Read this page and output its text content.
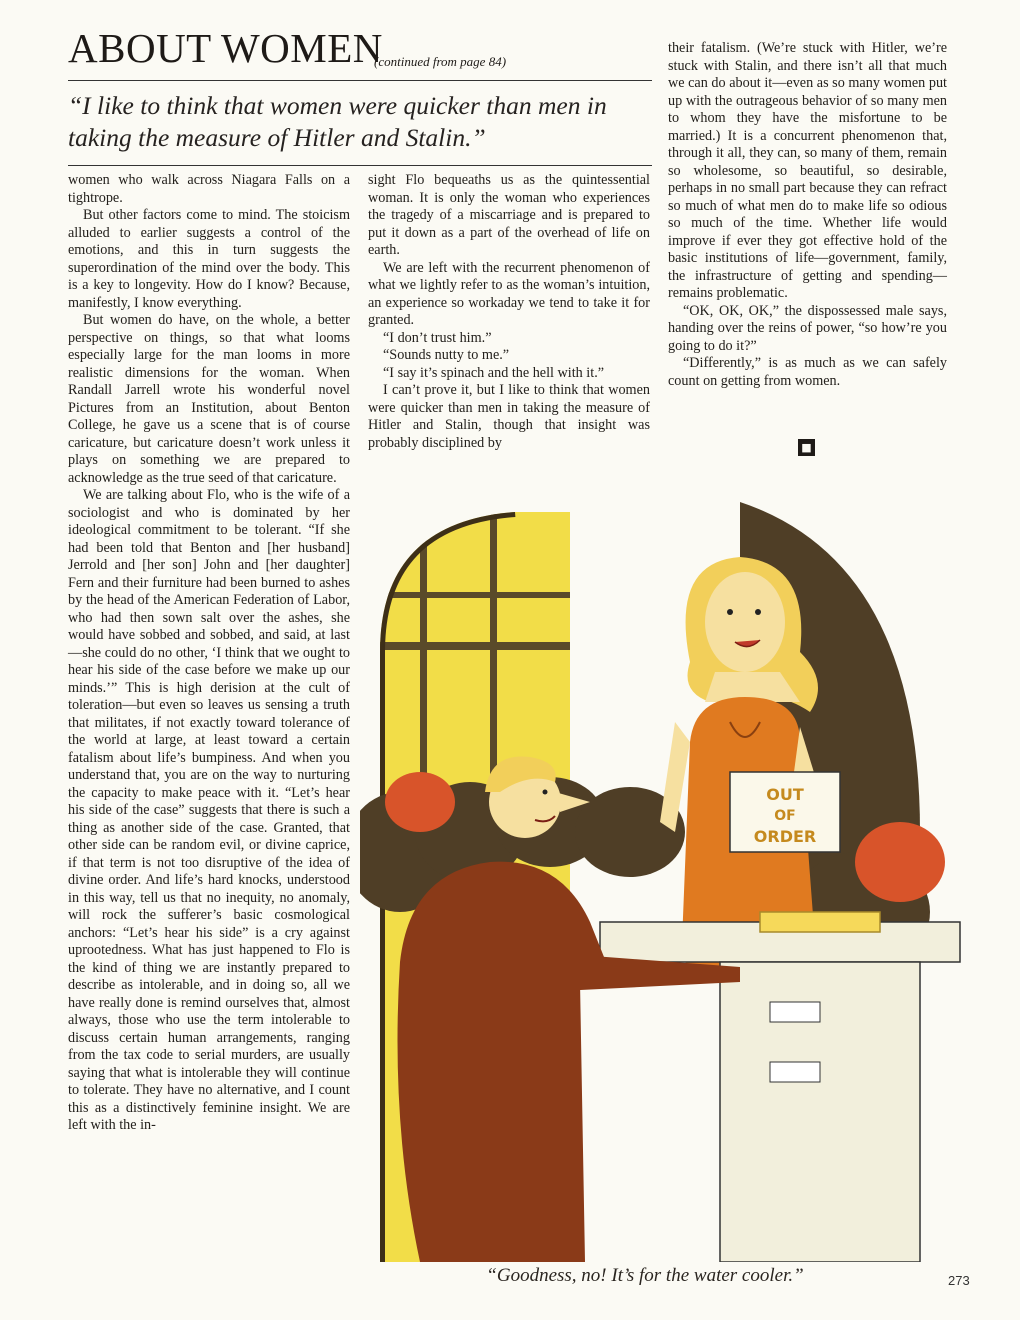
ABOUT WOMEN
(continued from page 84)
“I like to think that women were quicker than men in taking the measure of Hitler and Stalin.”

women who walk across Niagara Falls on a tightrope.

But other factors come to mind. The stoicism alluded to earlier suggests a control of the emotions, and this in turn suggests the superordination of the mind over the body. This is a key to longevity. How do I know? Because, manifestly, I know everything.

But women do have, on the whole, a better perspective on things, so that what looms especially large for the man looms in more realistic dimensions for the woman. When Randall Jarrell wrote his wonderful novel Pictures from an Institution, about Benton College, he gave us a scene that is of course caricature, but caricature doesn’t work unless it plays on something we are prepared to acknowledge as the true seed of that caricature.

We are talking about Flo, who is the wife of a sociologist and who is dominated by her ideological commitment to be tolerant. “If she had been told that Benton and [her husband] Jerrold and [her son] John and [her daughter] Fern and their furniture had been burned to ashes by the head of the American Federation of Labor, who had then sown salt over the ashes, she would have sobbed and sobbed, and said, at last—she could do no other, ‘I think that we ought to hear his side of the case before we make up our minds.’” This is high derision at the cult of toleration—but even so leaves us sensing a truth that militates, if not exactly toward tolerance of the world at large, at least toward a certain fatalism about life’s bumpiness. And when you understand that, you are on the way to nurturing the capacity to make peace with it. “Let’s hear his side of the case” suggests that there is such a thing as another side of the case. Granted, that other side can be random evil, or divine caprice, if that term is not too disruptive of the idea of divine order. And life’s hard knocks, understood in this way, tell us that no inequity, no anomaly, will rock the sufferer’s basic cosmological anchors: “Let’s hear his side” is a cry against uprootedness. What has just happened to Flo is the kind of thing we are instantly prepared to describe as intolerable, and in doing so, all we have really done is remind ourselves that, almost always, those who use the term intolerable to discuss certain human arrangements, ranging from the tax code to serial murders, are usually saying that what is intolerable they will continue to tolerate. They have no alternative, and I count this as a distinctively feminine insight. We are left with the in-

sight Flo bequeaths us as the quintessential woman. It is only the woman who experiences the tragedy of a miscarriage and is prepared to put it down as a part of the overhead of life on earth.

We are left with the recurrent phenomenon of what we lightly refer to as the woman’s intuition, an experience so workaday we tend to take it for granted.

“I don’t trust him.”

“Sounds nutty to me.”

“I say it’s spinach and the hell with it.”

I can’t prove it, but I like to think that women were quicker than men in taking the measure of Hitler and Stalin, though that insight was probably disciplined by

their fatalism. (We’re stuck with Hitler, we’re stuck with Stalin, and there isn’t all that much we can do about it—even as so many women put up with the outrageous behavior of so many men to whom they have the misfortune to be married.) It is a concurrent phenomenon that, through it all, they can, so many of them, remain so wholesome, so beautiful, so desirable, perhaps in no small part because they can refract so much of what men do to make life so odious so much of the time. Whether life would improve if ever they got effective hold of the basic institutions of life—government, family, the infrastructure of getting and spending—remains problematic.

“OK, OK, OK,” the dispossessed male says, handing over the reins of power, “so how’re you going to do it?”

“Differently,” is as much as we can safely count on getting from women.

■
OUT
OF
ORDER
“Goodness, no! It’s for the water cooler.”	273
